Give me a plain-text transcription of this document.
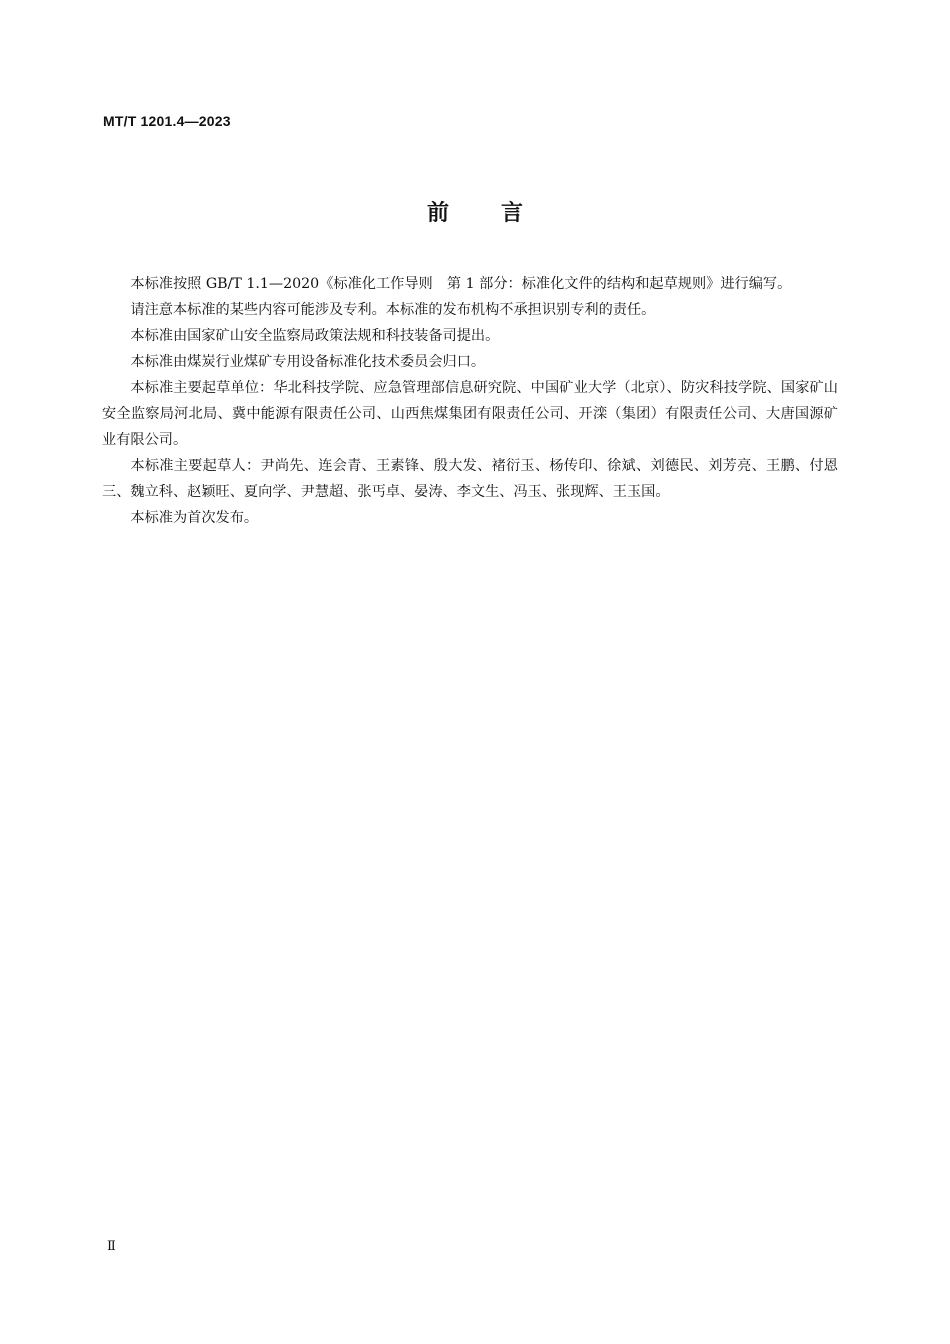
MT/T 1201.4—2023
前言

本标准按照 GB/T 1.1—2020《标准化工作导则　第 1 部分：标准化文件的结构和起草规则》进行编写。

请注意本标准的某些内容可能涉及专利。本标准的发布机构不承担识别专利的责任。

本标准由国家矿山安全监察局政策法规和科技装备司提出。

本标准由煤炭行业煤矿专用设备标准化技术委员会归口。

本标准主要起草单位：华北科技学院、应急管理部信息研究院、中国矿业大学（北京）、防灾科技学院、国家矿山安全监察局河北局、冀中能源有限责任公司、山西焦煤集团有限责任公司、开滦（集团）有限责任公司、大唐国源矿业有限公司。

本标准主要起草人：尹尚先、连会青、王素锋、殷大发、褚衍玉、杨传印、徐斌、刘德民、刘芳亮、王鹏、付恩三、魏立科、赵颖旺、夏向学、尹慧超、张丐卓、晏涛、李文生、冯玉、张现辉、王玉国。

本标准为首次发布。

Ⅱ
